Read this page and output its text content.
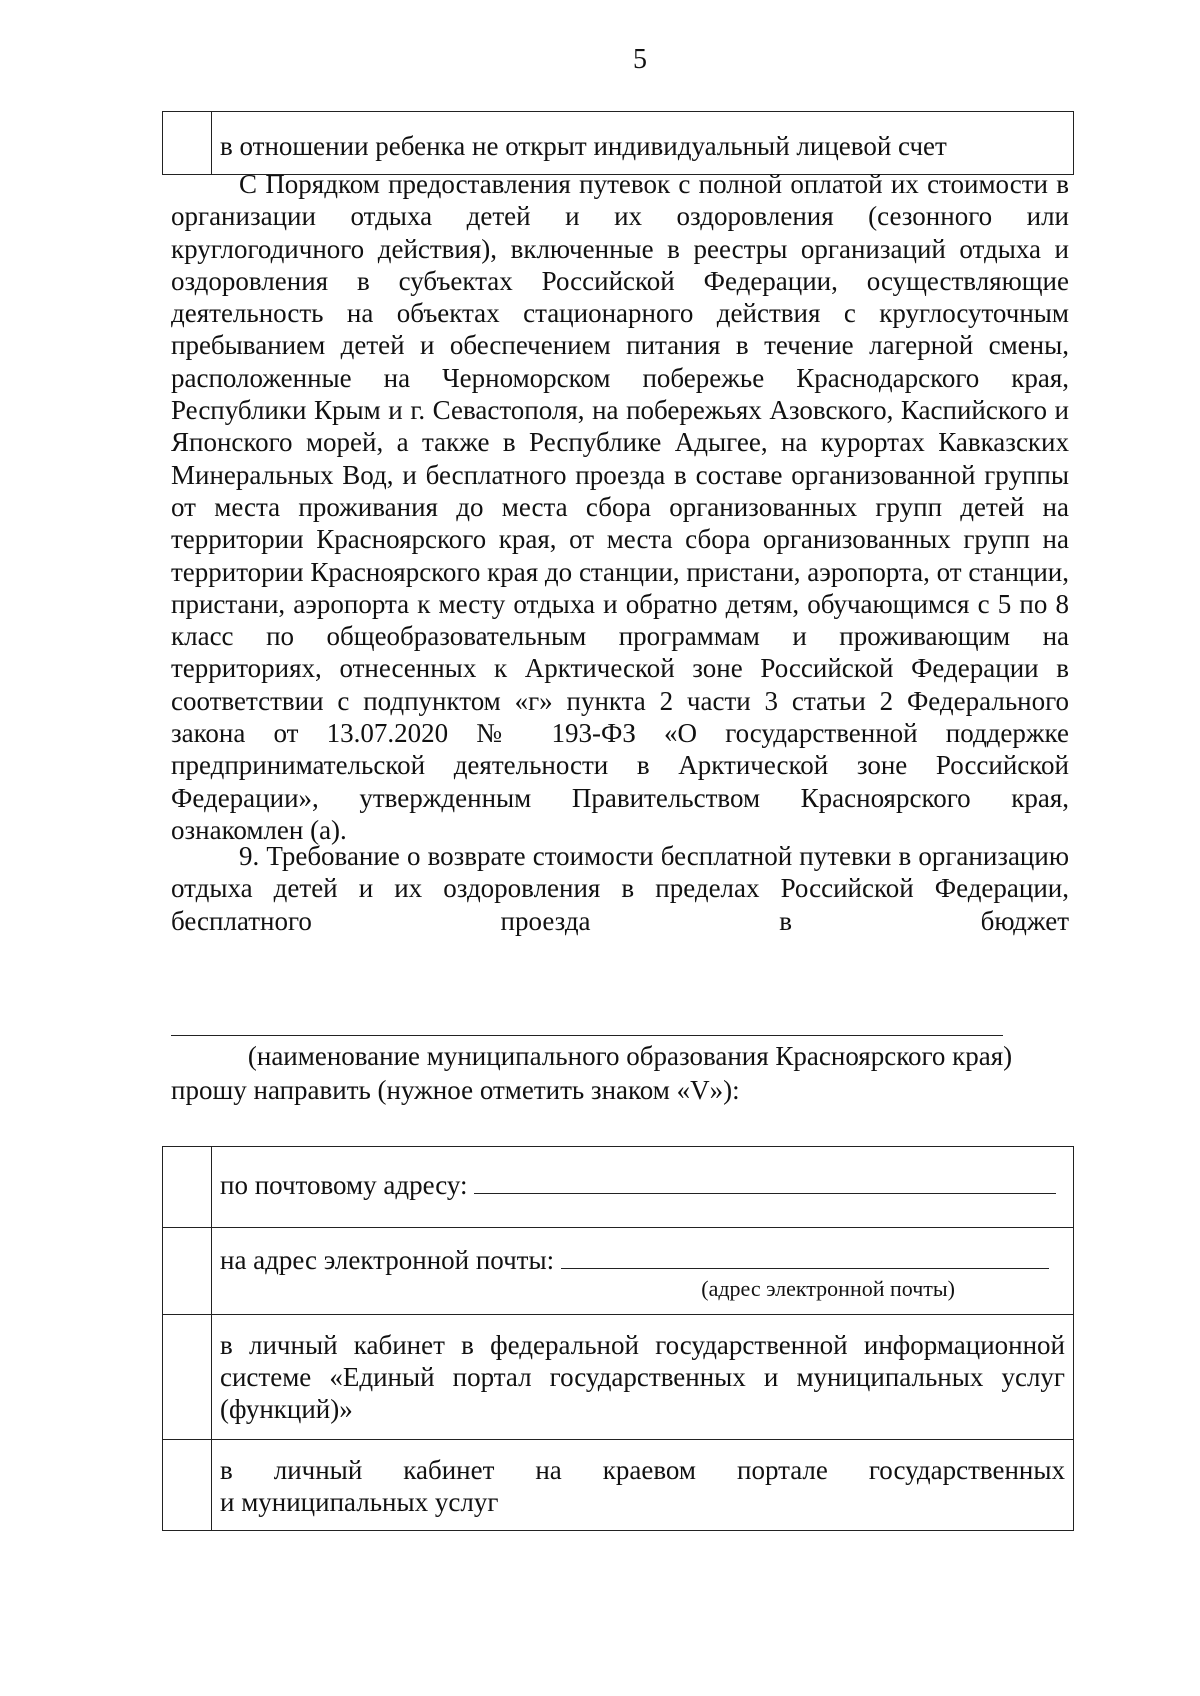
5
	в отношении ребенка не открыт индивидуальный лицевой счет

С Порядком предоставления путевок с полной оплатой их стоимости в организации отдыха детей и их оздоровления (сезонного или круглогодичного действия), включенные в реестры организаций отдыха и оздоровления в субъектах Российской Федерации, осуществляющие деятельность на объектах стационарного действия с круглосуточным пребыванием детей и обеспечением питания в течение лагерной смены, расположенные на Черноморском побережье Краснодарского края, Республики Крым и г. Севастополя, на побережьях Азовского, Каспийского и Японского морей, а также в Республике Адыгее, на курортах Кавказских Минеральных Вод, и бесплатного проезда в составе организованной группы от места проживания до места сбора организованных групп детей на территории Красноярского края, от места сбора организованных групп на территории Красноярского края до станции, пристани, аэропорта, от станции, пристани, аэропорта к месту отдыха и обратно детям, обучающимся с 5 по 8 класс по общеобразовательным программам и проживающим на территориях, отнесенных к Арктической зоне Российской Федерации в соответствии с подпунктом «г» пункта 2 части 3 статьи 2 Федерального закона от 13.07.2020 № 193-ФЗ «О государственной поддержке предпринимательской деятельности в Арктической зоне Российской Федерации», утвержденным Правительством Красноярского края, ознакомлен (а).

9. Требование о возврате стоимости бесплатной путевки в организацию отдыха детей и их оздоровления в пределах Российской Федерации, бесплатного проезда в бюджет

(наименование муниципального образования Красноярского края)
прошу направить (нужное отметить знаком «V»):
	по почтовому адресу:
	на адрес электронной почты:
(адрес электронной почты)

	в личный кабинет в федеральной государственной информационной системе «Единый портал государственных и муниципальных услуг (функций)»

	в личный кабинет на краевом портале государственных
и муниципальных услуг
